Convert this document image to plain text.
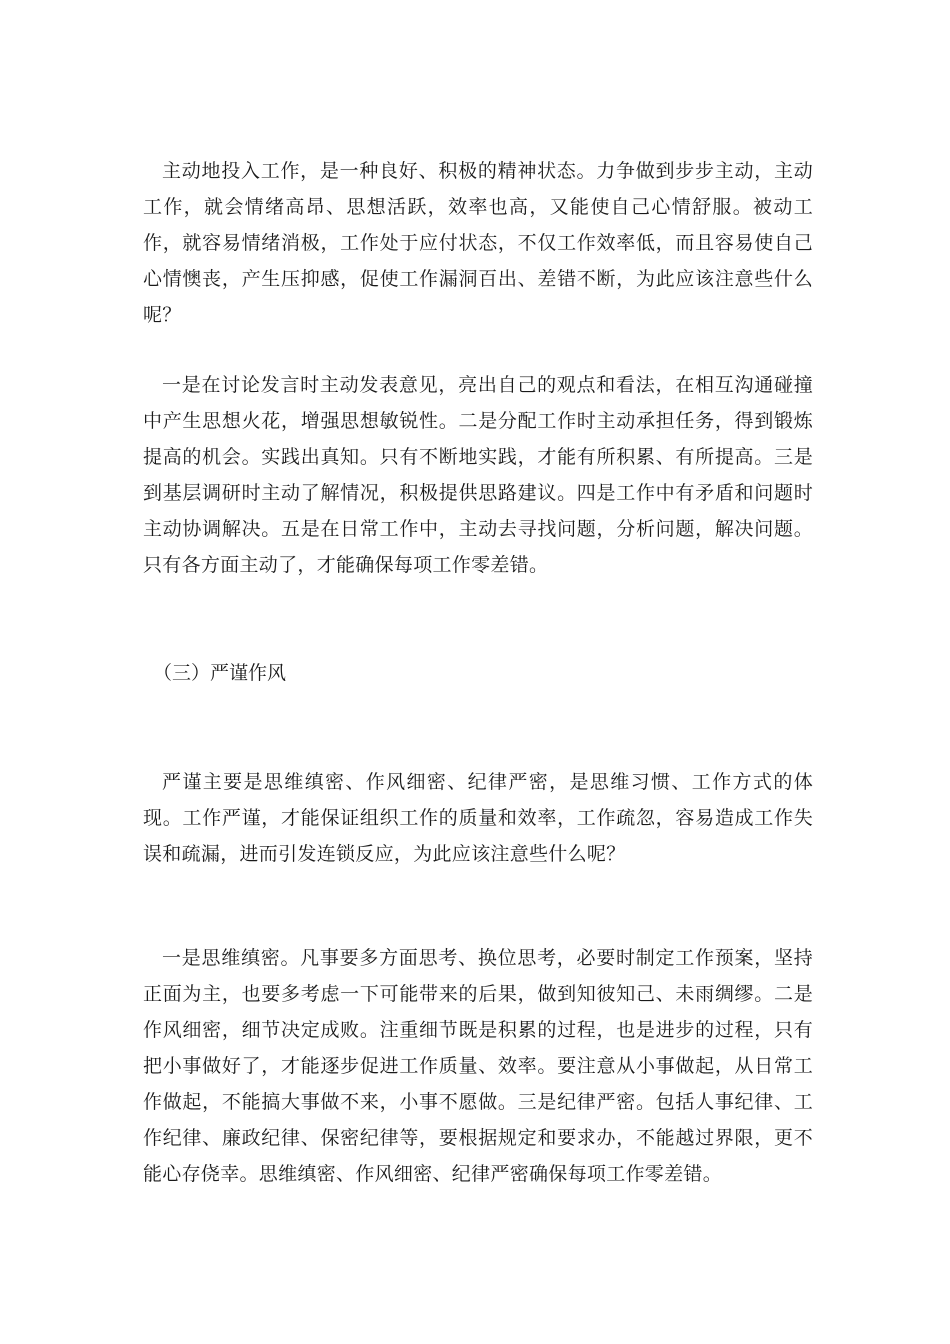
主动地投入工作，是一种良好、积极的精神状态。力争做到步步主动，主动工作，就会情绪高昂、思想活跃，效率也高，又能使自己心情舒服。被动工作，就容易情绪消极，工作处于应付状态，不仅工作效率低，而且容易使自己心情懊丧，产生压抑感，促使工作漏洞百出、差错不断，为此应该注意些什么呢？

一是在讨论发言时主动发表意见，亮出自己的观点和看法，在相互沟通碰撞中产生思想火花，增强思想敏锐性。二是分配工作时主动承担任务，得到锻炼提高的机会。实践出真知。只有不断地实践，才能有所积累、有所提高。三是到基层调研时主动了解情况，积极提供思路建议。四是工作中有矛盾和问题时主动协调解决。五是在日常工作中，主动去寻找问题，分析问题，解决问题。只有各方面主动了，才能确保每项工作零差错。

（三）严谨作风

严谨主要是思维缜密、作风细密、纪律严密，是思维习惯、工作方式的体现。工作严谨，才能保证组织工作的质量和效率，工作疏忽，容易造成工作失误和疏漏，进而引发连锁反应，为此应该注意些什么呢？

一是思维缜密。凡事要多方面思考、换位思考，必要时制定工作预案，坚持正面为主，也要多考虑一下可能带来的后果，做到知彼知己、未雨绸缪。二是作风细密，细节决定成败。注重细节既是积累的过程，也是进步的过程，只有把小事做好了，才能逐步促进工作质量、效率。要注意从小事做起，从日常工作做起，不能搞大事做不来，小事不愿做。三是纪律严密。包括人事纪律、工作纪律、廉政纪律、保密纪律等，要根据规定和要求办，不能越过界限，更不能心存侥幸。思维缜密、作风细密、纪律严密确保每项工作零差错。
